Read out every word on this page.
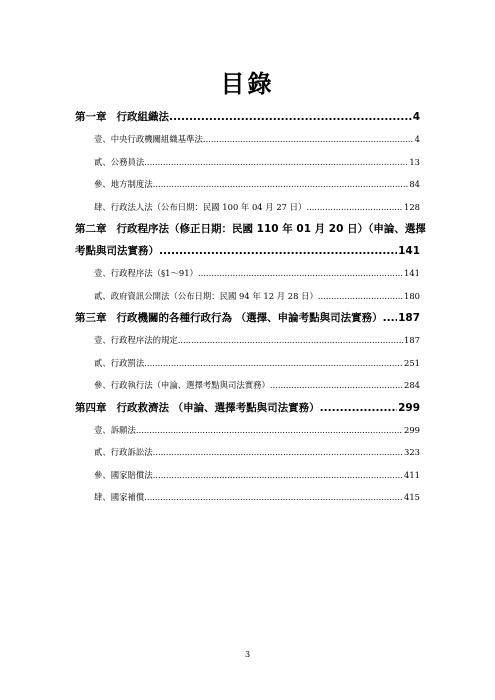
目錄
第一章 行政組織法 .....	4
壹、中央行政機關組織基準法 .....	4
貳、公務員法 .....	13
參、地方制度法 .....	84
肆、行政法人法（公布日期：民國 100 年 04 月 27 日） .....	128
第二章 行政程序法（修正日期：民國 110 年 01 月 20 日）（申論、選擇
考點與司法實務） .....	141
壹、行政程序法（§1～91） .....	141
貳、政府資訊公開法（公布日期：民國 94 年 12 月 28 日） .....	180
第三章 行政機關的各種行政行為 （選擇、申論考點與司法實務） ..... 187
壹、行政程序法的規定 .....	187
貳、行政罰法 .....	251
參、行政執行法（申論、選擇考點與司法實務） .....	284
第四章 行政救濟法 （申論、選擇考點與司法實務） .....	299
壹、訴願法 .....	299
貳、行政訴訟法 .....	323
參、國家賠償法 .....	411
肆、國家補償 .....	415
3
